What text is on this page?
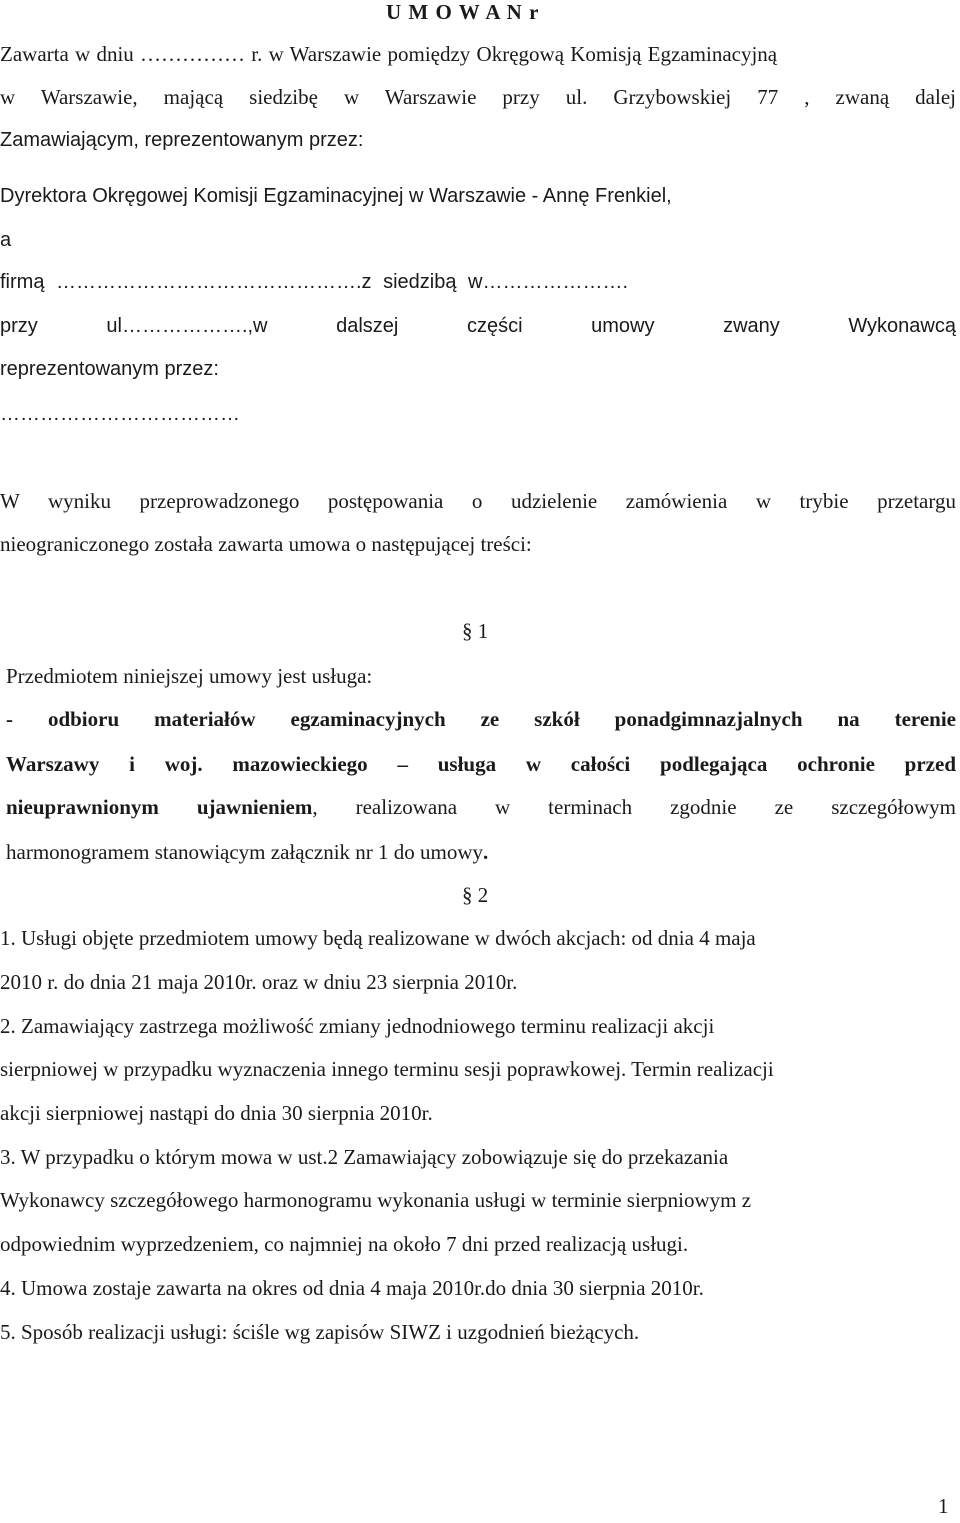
U M O W A N r
Zawarta w dniu …………… r. w Warszawie pomiędzy Okręgową Komisją Egzaminacyjną
w Warszawie, mającą siedzibę w Warszawie przy ul. Grzybowskiej 77 , zwaną dalej
Zamawiającym, reprezentowanym przez:
Dyrektora Okręgowej Komisji Egzaminacyjnej w Warszawie - Annę Frenkiel,
a
firmą ……………………………………….z siedzibą w………………….
przy ul……………….,w dalszej części umowy zwany Wykonawcą
reprezentowanym przez:
………………………………
W wyniku przeprowadzonego postępowania o udzielenie zamówienia w trybie przetargu
nieograniczonego została zawarta umowa o następującej treści:
§ 1
Przedmiotem niniejszej umowy jest usługa:
- odbioru materiałów egzaminacyjnych ze szkół ponadgimnazjalnych na terenie
Warszawy i woj. mazowieckiego – usługa w całości podlegająca ochronie przed
nieuprawnionym ujawnieniem, realizowana w terminach zgodnie ze szczegółowym
harmonogramem stanowiącym załącznik nr 1 do umowy.
§ 2
1. Usługi objęte przedmiotem umowy będą realizowane w dwóch akcjach: od dnia 4 maja
2010 r. do dnia 21 maja 2010r. oraz w dniu 23 sierpnia 2010r.
2. Zamawiający zastrzega możliwość zmiany jednodniowego terminu realizacji akcji
sierpniowej w przypadku wyznaczenia innego terminu sesji poprawkowej. Termin realizacji
akcji sierpniowej nastąpi do dnia 30 sierpnia 2010r.
3. W przypadku o którym mowa w ust.2 Zamawiający zobowiązuje się do przekazania
Wykonawcy szczegółowego harmonogramu wykonania usługi w terminie sierpniowym z
odpowiednim wyprzedzeniem, co najmniej na około 7 dni przed realizacją usługi.
4. Umowa zostaje zawarta na okres od dnia 4 maja 2010r.do dnia 30 sierpnia 2010r.
5. Sposób realizacji usługi: ściśle wg zapisów SIWZ i uzgodnień bieżących.
1
